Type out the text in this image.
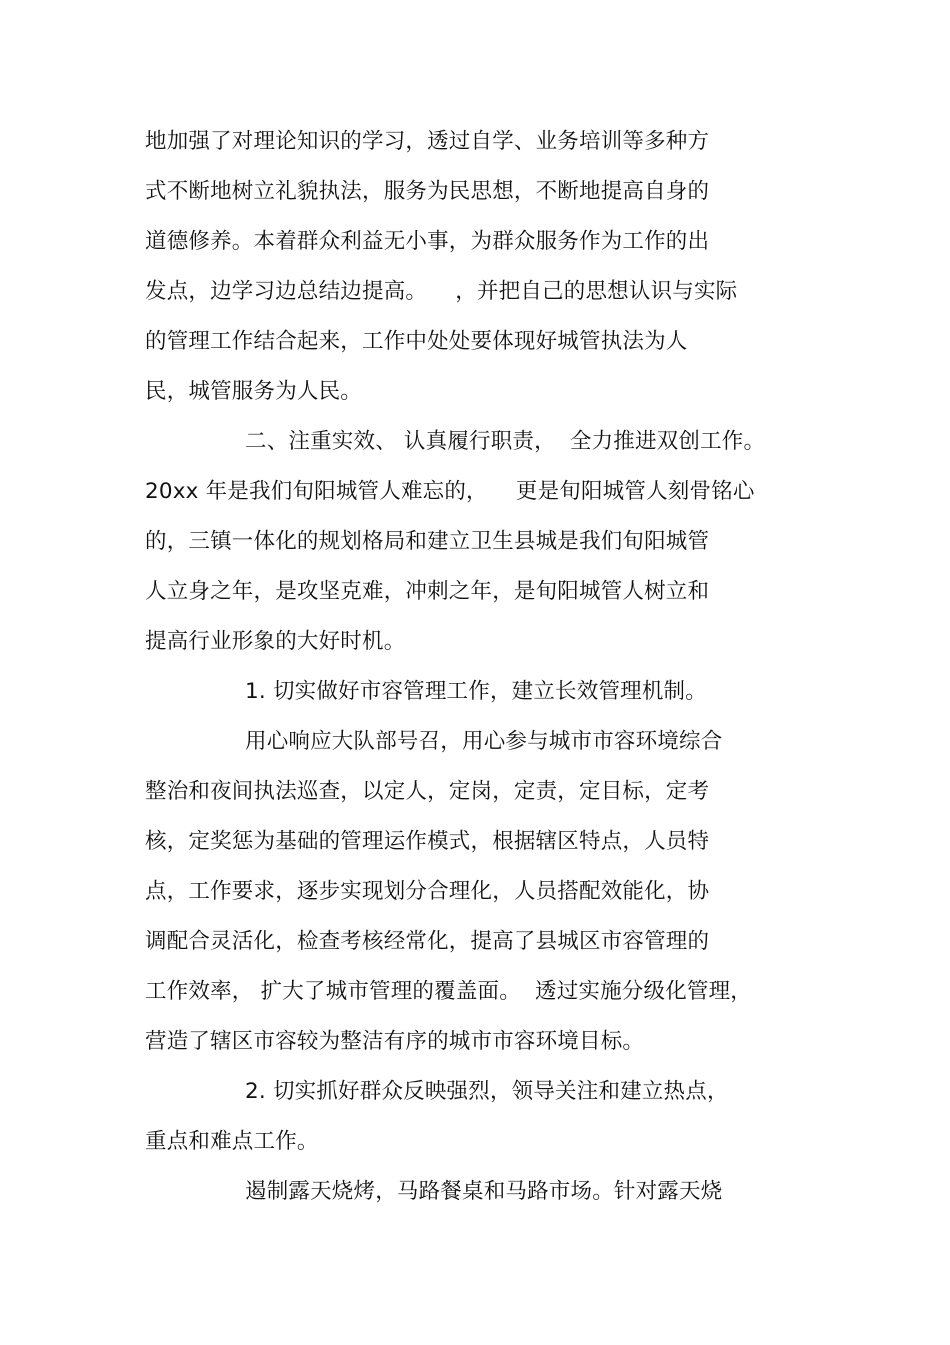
地加强了对理论知识的学习，透过自学、业务培训等多种方
式不断地树立礼貌执法，服务为民思想，不断地提高自身的
道德修养。本着群众利益无小事，为群众服务作为工作的出
发点，边学习边总结边提高。    ，并把自己的思想认识与实际
的管理工作结合起来，工作中处处要体现好城管执法为人
民，城管服务为人民。
二、注重实效、 认真履行职责，  全力推进双创工作。
20xx 年是我们旬阳城管人难忘的，    更是旬阳城管人刻骨铭心
的，三镇一体化的规划格局和建立卫生县城是我们旬阳城管
人立身之年，是攻坚克难，冲刺之年，是旬阳城管人树立和
提高行业形象的大好时机。
1. 切实做好市容管理工作，建立长效管理机制。
用心响应大队部号召，用心参与城市市容环境综合
整治和夜间执法巡查，以定人，定岗，定责，定目标，定考
核，定奖惩为基础的管理运作模式，根据辖区特点，人员特
点，工作要求，逐步实现划分合理化，人员搭配效能化，协
调配合灵活化，检查考核经常化，提高了县城区市容管理的
工作效率， 扩大了城市管理的覆盖面。  透过实施分级化管理，
营造了辖区市容较为整洁有序的城市市容环境目标。
2. 切实抓好群众反映强烈，领导关注和建立热点，
重点和难点工作。
遏制露天烧烤，马路餐桌和马路市场。针对露天烧
